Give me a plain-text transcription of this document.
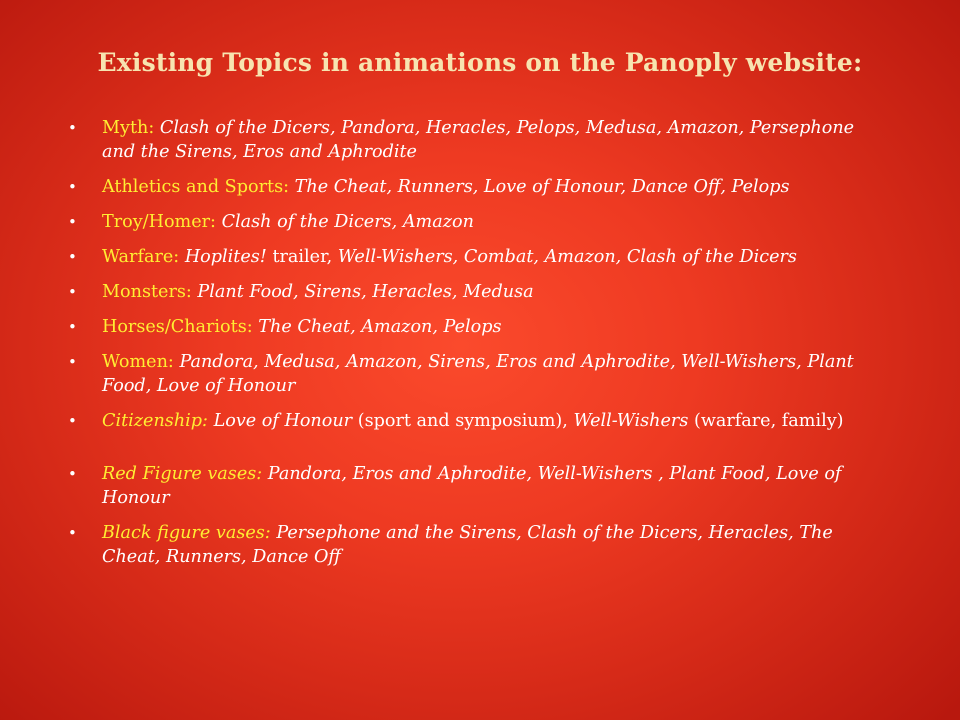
Existing Topics in animations on the Panoply website:
• Myth: Clash of the Dicers, Pandora, Heracles, Pelops, Medusa, Amazon, Persephone and the Sirens, Eros and Aphrodite
• Athletics and Sports: The Cheat, Runners, Love of Honour, Dance Off, Pelops
• Troy/Homer: Clash of the Dicers, Amazon
• Warfare: Hoplites! trailer, Well-Wishers, Combat, Amazon, Clash of the Dicers
• Monsters: Plant Food, Sirens, Heracles, Medusa
• Horses/Chariots: The Cheat, Amazon, Pelops
• Women: Pandora, Medusa, Amazon, Sirens, Eros and Aphrodite, Well-Wishers, Plant Food, Love of Honour
• Citizenship: Love of Honour (sport and symposium), Well-Wishers (warfare, family)
• Red Figure vases: Pandora, Eros and Aphrodite, Well-Wishers , Plant Food, Love of Honour
• Black figure vases: Persephone and the Sirens, Clash of the Dicers, Heracles, The Cheat, Runners, Dance Off
